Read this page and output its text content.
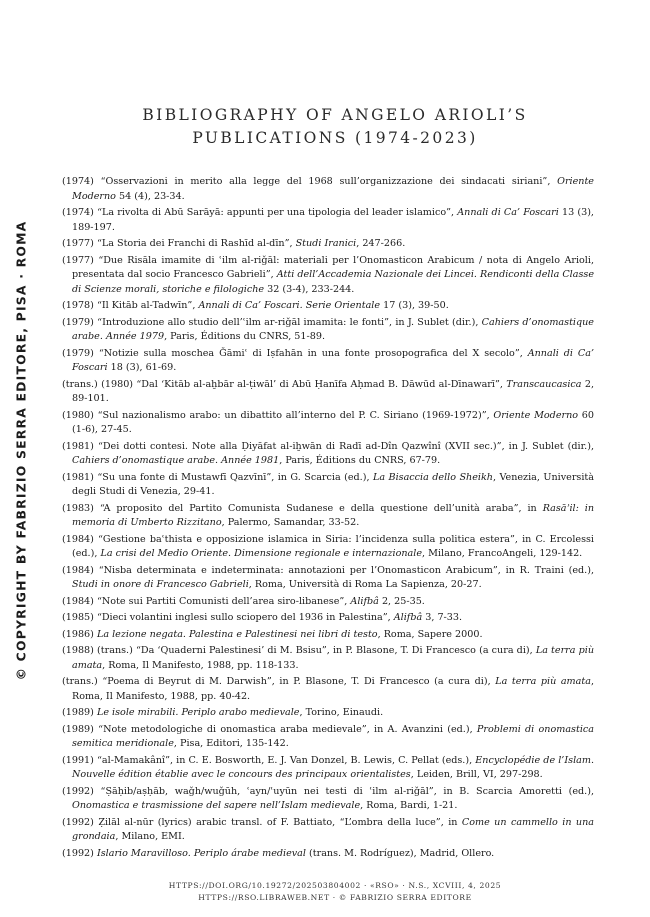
© COPYRIGHT BY FABRIZIO SERRA EDITORE, PISA · ROMA
BIBLIOGRAPHY OF ANGELO ARIOLI’S
PUBLICATIONS (1974-2023)
(1974) “Osservazioni in merito alla legge del 1968 sull’organizzazione dei sindacati siriani”, Oriente Moderno 54 (4), 23-34.
(1974) “La rivolta di Abū Sarāyā: appunti per una tipologia del leader islamico”, Annali di Ca’ Foscari 13 (3), 189-197.
(1977) “La Storia dei Franchi di Rashīd al-dīn”, Studi Iranici, 247-266.
(1977) “Due Risāla imamite di ʿilm al-riǧāl: materiali per l’Onomasticon Arabicum / nota di Angelo Arioli, presentata dal socio Francesco Gabrieli”, Atti dell’Accademia Nazionale dei Lincei. Rendiconti della Classe di Scienze morali, storiche e filologiche 32 (3-4), 233-244.
(1978) “Il Kitāb al-Tadwīn”, Annali di Ca’ Foscari. Serie Orientale 17 (3), 39-50.
(1979) “Introduzione allo studio dell’ʿilm ar-riǧāl imamita: le fonti”, in J. Sublet (dir.), Cahiers d’onomastique arabe. Année 1979, Paris, Éditions du CNRS, 51-89.
(1979) “Notizie sulla moschea Ǧāmiʿ di Iṣfahān in una fonte prosopografica del X secolo”, Annali di Ca’ Foscari 18 (3), 61-69.
(trans.) (1980) “Dal ‘Kitāb al-aḫbār al-ṭiwāl’ di Abū Ḥanīfa Aḥmad B. Dāwūd al-Dīnawarī”, Transcaucasica 2, 89-101.
(1980) “Sul nazionalismo arabo: un dibattito all’interno del P. C. Siriano (1969-1972)”, Oriente Moderno 60 (1-6), 27-45.
(1981) “Dei dotti contesi. Note alla Ḍiyāfat al-iḫwān di Radī ad-Dîn Qazwînî (XVII sec.)”, in J. Sublet (dir.), Cahiers d’onomastique arabe. Année 1981, Paris, Éditions du CNRS, 67-79.
(1981) “Su una fonte di Mustawfī Qazvīnī”, in G. Scarcia (ed.), La Bisaccia dello Sheikh, Venezia, Università degli Studi di Venezia, 29-41.
(1983) “A proposito del Partito Comunista Sudanese e della questione dell’unità araba”, in Rasāʾil: in memoria di Umberto Rizzitano, Palermo, Samandar, 33-52.
(1984) “Gestione baʿthista e opposizione islamica in Siria: l’incidenza sulla politica estera”, in C. Ercolessi (ed.), La crisi del Medio Oriente. Dimensione regionale e internazionale, Milano, FrancoAngeli, 129-142.
(1984) “Nisba determinata e indeterminata: annotazioni per l’Onomasticon Arabicum”, in R. Traini (ed.), Studi in onore di Francesco Gabrieli, Roma, Università di Roma La Sapienza, 20-27.
(1984) “Note sui Partiti Comunisti dell’area siro-libanese”, Alifbâ 2, 25-35.
(1985) “Dieci volantini inglesi sullo sciopero del 1936 in Palestina”, Alifbâ 3, 7-33.
(1986) La lezione negata. Palestina e Palestinesi nei libri di testo, Roma, Sapere 2000.
(1988) (trans.) “Da ‘Quaderni Palestinesi’ di M. Bsisu”, in P. Blasone, T. Di Francesco (a cura di), La terra più amata, Roma, Il Manifesto, 1988, pp. 118-133.
(trans.) “Poema di Beyrut di M. Darwish”, in P. Blasone, T. Di Francesco (a cura di), La terra più amata, Roma, Il Manifesto, 1988, pp. 40-42.
(1989) Le isole mirabili. Periplo arabo medievale, Torino, Einaudi.
(1989) “Note metodologiche di onomastica araba medievale”, in A. Avanzini (ed.), Problemi di onomastica semitica meridionale, Pisa, Editori, 135-142.
(1991) “al-Mamakânî”, in C. E. Bosworth, E. J. Van Donzel, B. Lewis, C. Pellat (eds.), Encyclopédie de l’Islam. Nouvelle édition établie avec le concours des principaux orientalistes, Leiden, Brill, VI, 297-298.
(1992) “Ṣāḥib/aṣḥāb, waǧh/wuǧūh, ʿayn/ʿuyūn nei testi di ʿilm al-riǧāl”, in B. Scarcia Amoretti (ed.), Onomastica e trasmissione del sapere nell’Islam medievale, Roma, Bardi, 1-21.
(1992) Ẓilāl al-nūr (lyrics) arabic transl. of F. Battiato, “L’ombra della luce”, in Come un cammello in una grondaia, Milano, EMI.
(1992) Islario Maravilloso. Periplo árabe medieval (trans. M. Rodríguez), Madrid, Ollero.
HTTPS://DOI.ORG/10.19272/202503804002 · «RSO» · N.S., XCVIII, 4, 2025
HTTPS://RSO.LIBRAWEB.NET · © FABRIZIO SERRA EDITORE
